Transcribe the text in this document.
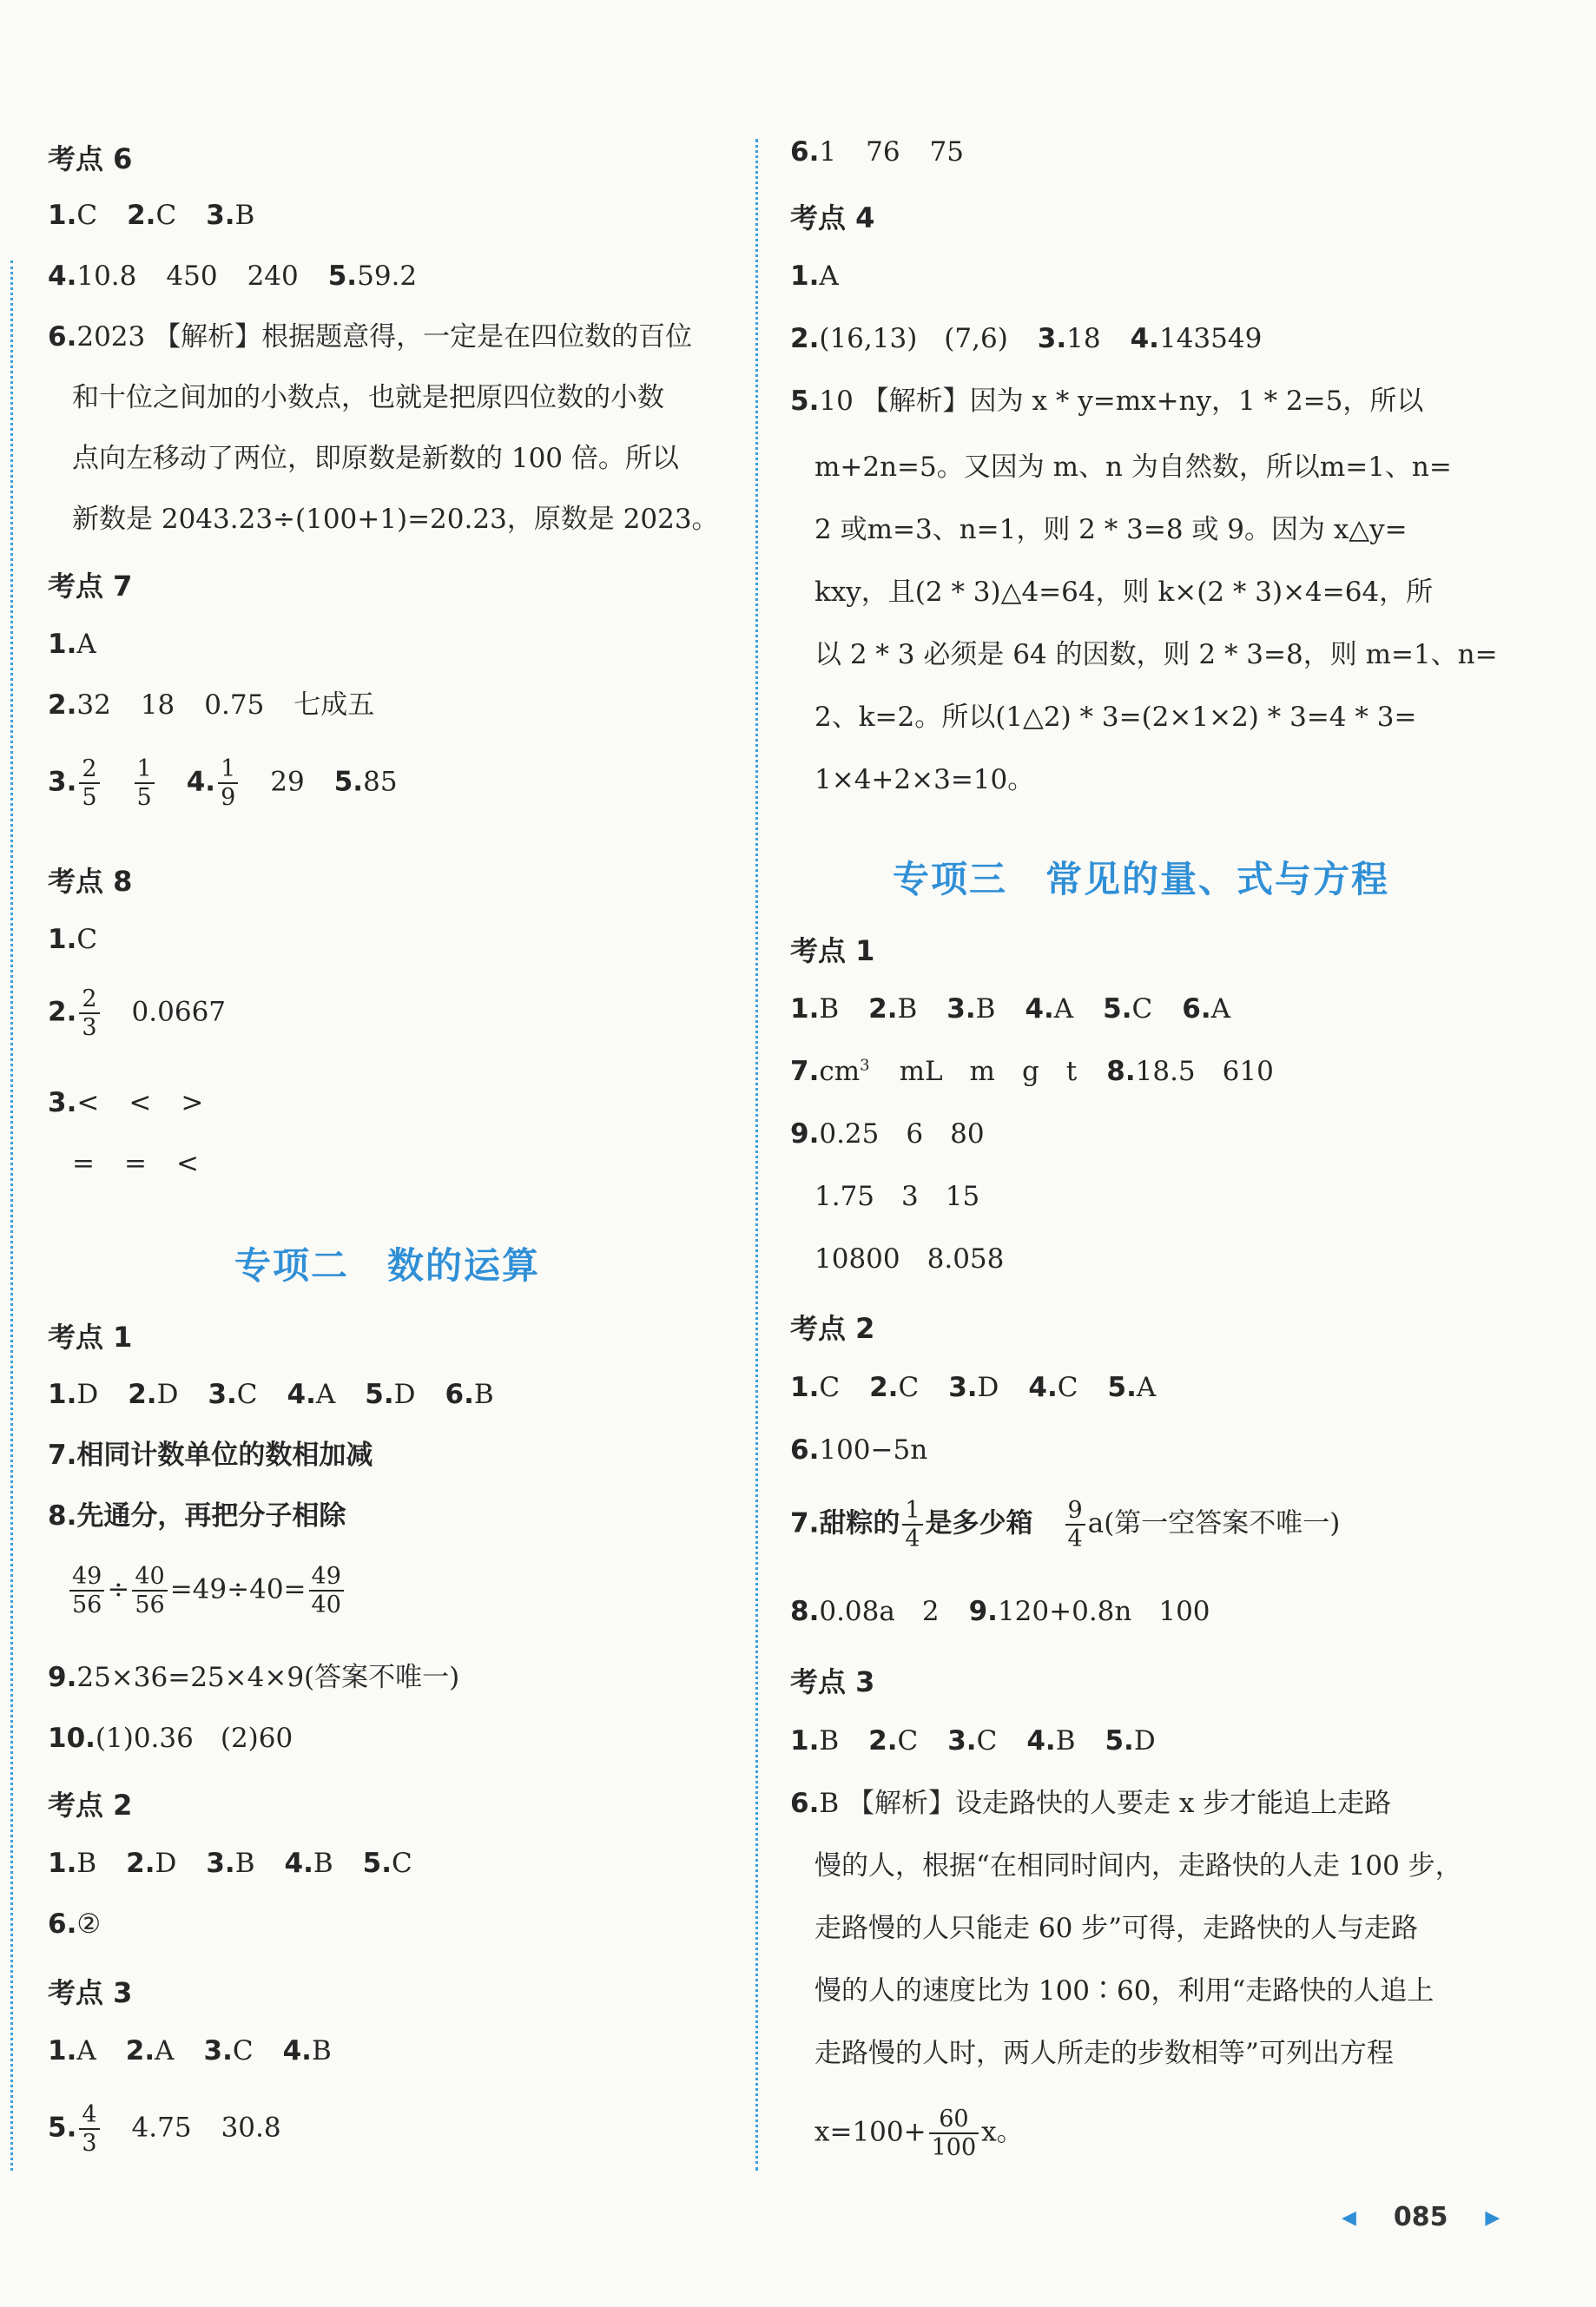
考点 6
1.C 2.C 3.B
4.10.8 450 240 5.59.2
6.2023 【解析】根据题意得，一定是在四位数的百位
和十位之间加的小数点，也就是把原四位数的小数
点向左移动了两位，即原数是新数的 100 倍。所以
新数是 2043.23÷(100+1)=20.23，原数是 2023。
考点 7
1.A
2.32 18 0.75 七成五
3. $\frac{2}{5} \frac{1}{5} 4$. $\frac{1}{9} 29$ 5.85
考点 8
1.C
2. $\frac{2}{3} 0.0667$
3.< < >
= = <
专项二　数的运算
考点 1
1.D 2.D 3.C 4.A 5.D 6.B
7.相同计数单位的数相加减
8.先通分，再把分子相除
$\frac{49}{56} \div \frac{40}{56} =49\div 40= \frac{49}{40}$
9.25×36=25×4×9(答案不唯一)
10.(1)0.36　(2)60
考点 2
1.B 2.D 3.B 4.B 5.C
6.②
考点 3
1.A 2.A 3.C 4.B
5. $\frac{4}{3} 4.75$ 30.8
6.1 76 75
考点 4
1.A
2.(16,13)　(7,6) 3.18 4.143549
5.10 【解析】因为 x * y=mx+ny，1 * 2=5，所以
m+2n=5。又因为 m、n 为自然数，所以m=1、n=
2 或m=3、n=1，则 2 * 3=8 或 9。因为 x△y=
kxy，且(2 * 3)△4=64，则 k×(2 * 3)×4=64，所
以 2 * 3 必须是 64 的因数，则 2 * 3=8，则 m=1、n=
2、k=2。所以(1△2) * 3=(2×1×2) * 3=4 * 3=
1×4+2×3=10。
专项三　常见的量、式与方程
考点 1
1.B 2.B 3.B 4.A 5.C 6.A
$7.cm^3$ mL　m　g　t 8.18.5　610
9.0.25　6　80
1.75　3　15
10800　8.058
考点 2
1.C 2.C 3.D 4.C 5.A
6.100−5n
7.甜粽的 $\frac{1}{4}$ 是多少箱 $\frac{9}{4} a$(第一空答案不唯一)
8.0.08a　2 9.120+0.8n　100
考点 3
1.B 2.C 3.C 4.B 5.D
6.B 【解析】设走路快的人要走 x 步才能追上走路
慢的人，根据“在相同时间内，走路快的人走 100 步，
走路慢的人只能走 60 步”可得，走路快的人与走路
慢的人的速度比为 100∶60，利用“走路快的人追上
走路慢的人时，两人所走的步数相等”可列出方程
$x=100+ \frac{60}{100}$ x。
◀ 085 ▶
